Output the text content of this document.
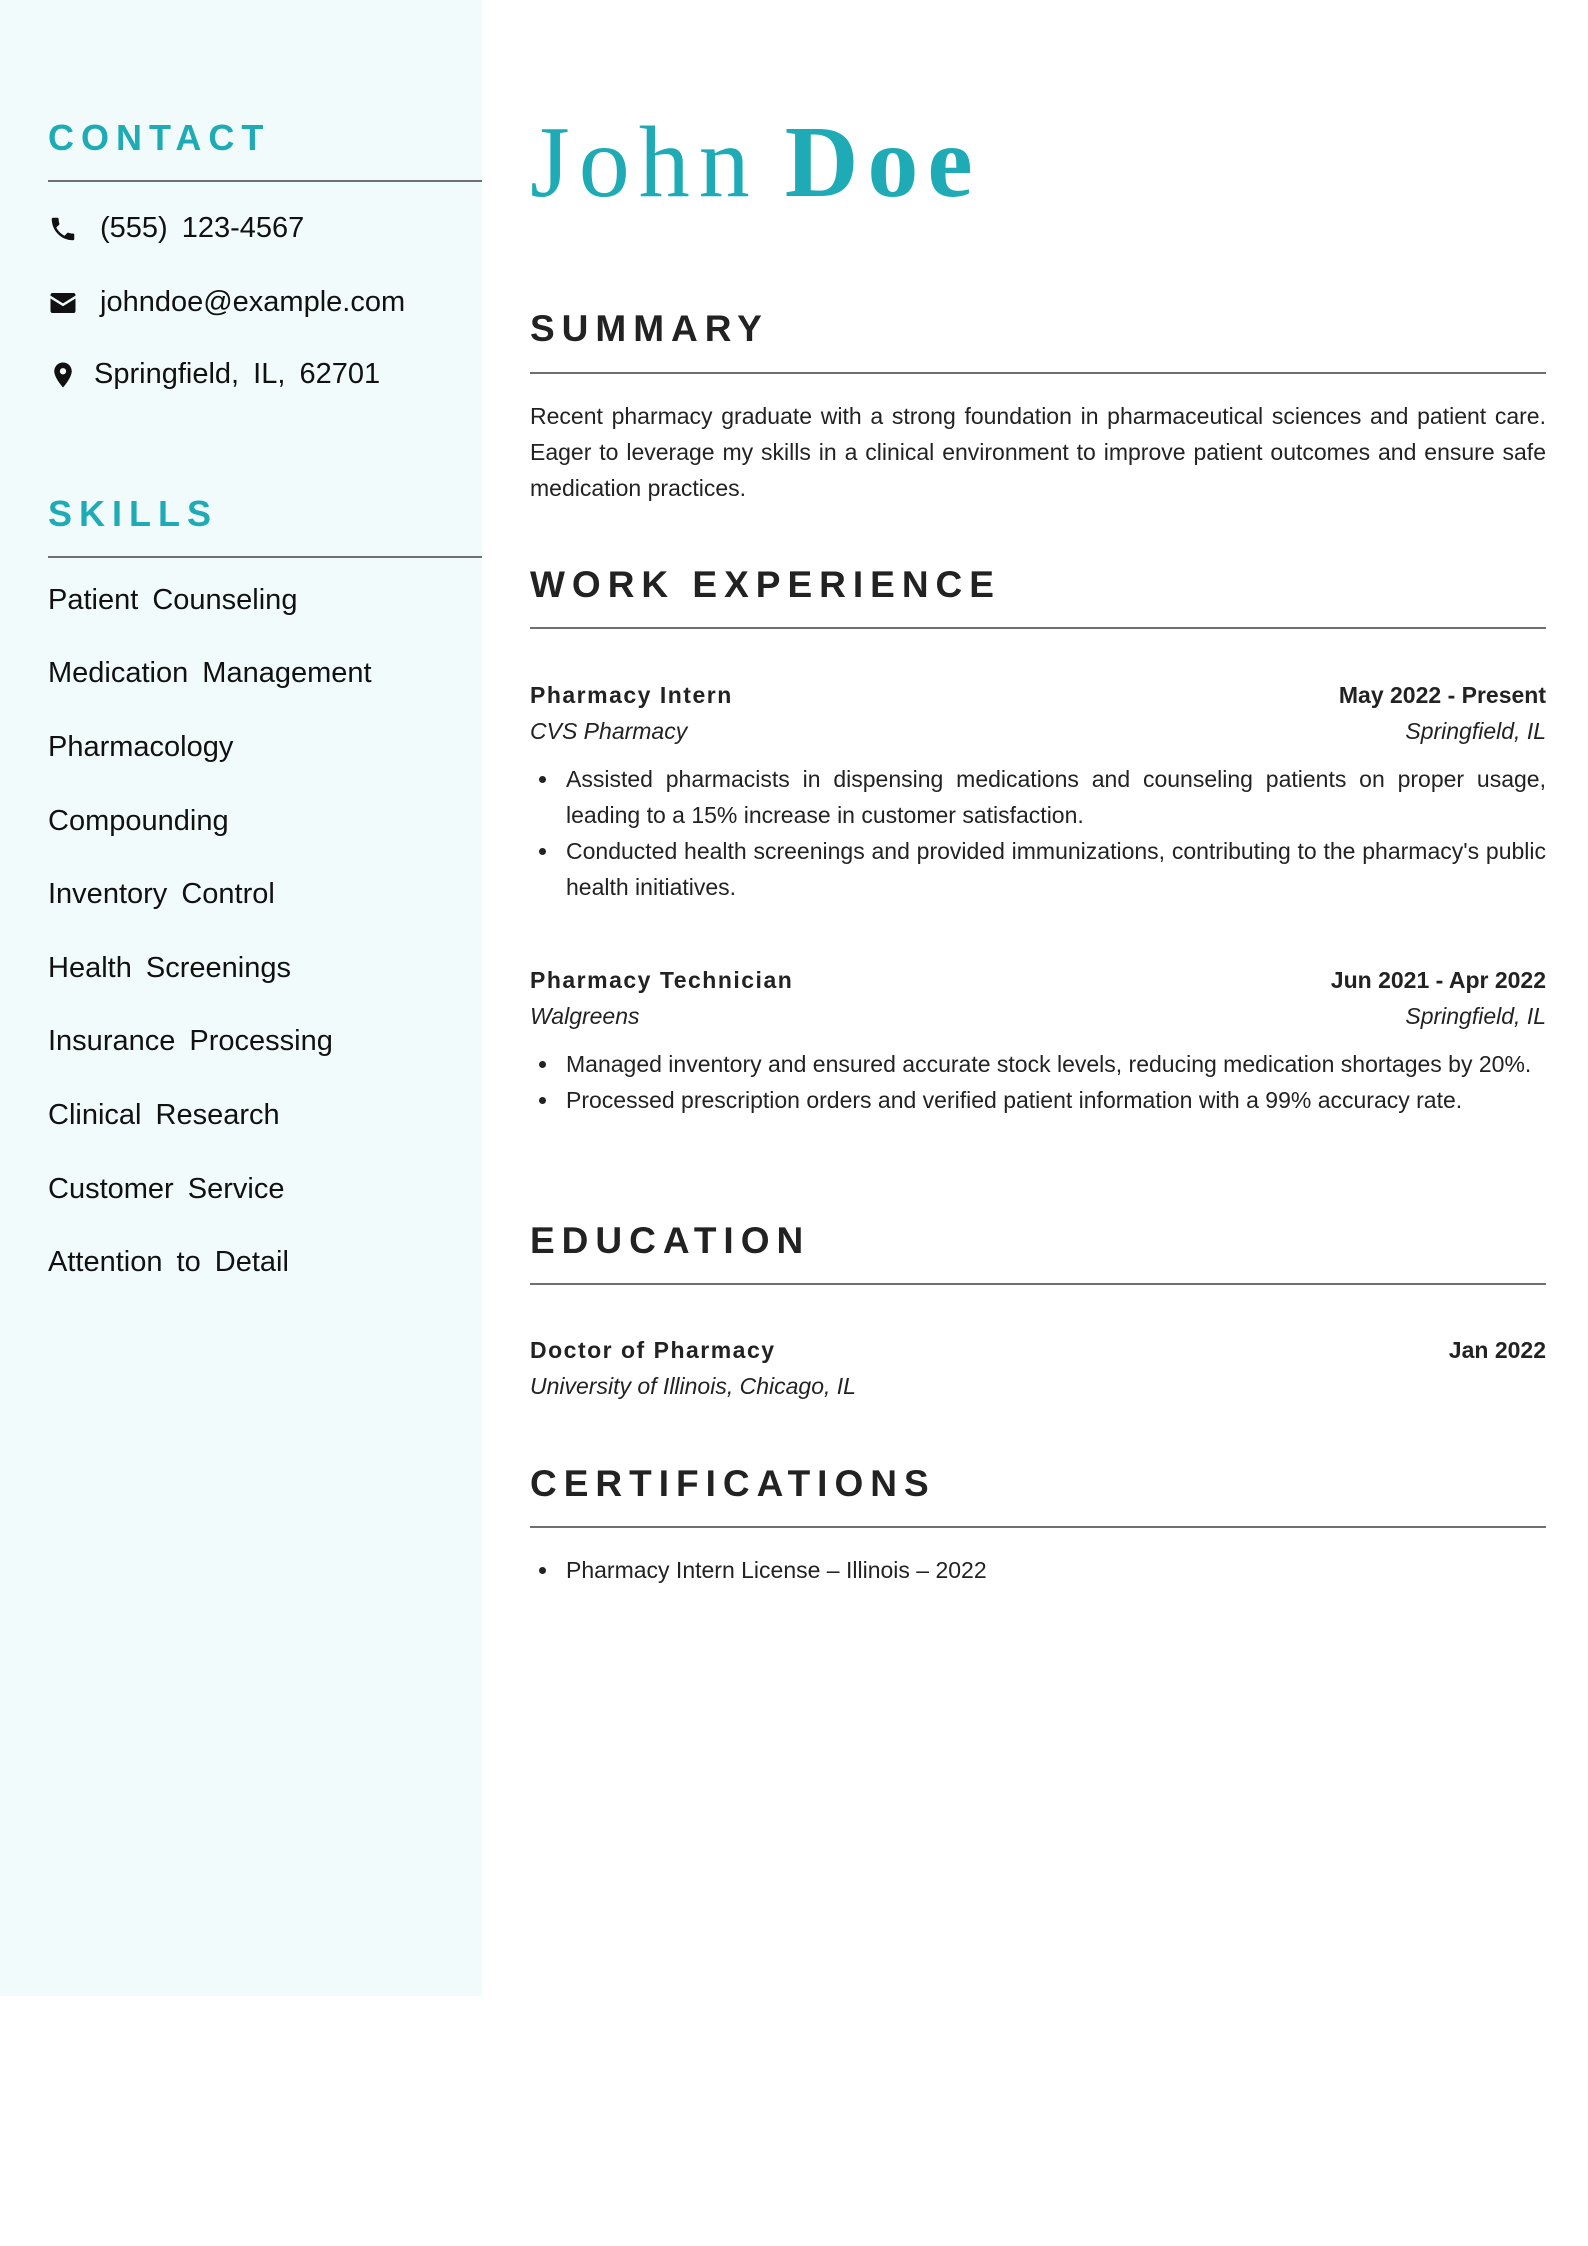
CONTACT
(555) 123-4567
johndoe@example.com
Springfield, IL, 62701
SKILLS
Patient Counseling
Medication Management
Pharmacology
Compounding
Inventory Control
Health Screenings
Insurance Processing
Clinical Research
Customer Service
Attention to Detail
John Doe
SUMMARY

Recent pharmacy graduate with a strong foundation in pharmaceutical sciences and patient care. Eager to leverage my skills in a clinical environment to improve patient outcomes and ensure safe medication practices.

WORK EXPERIENCE
Pharmacy Intern	May 2022 - Present
CVS Pharmacy	Springfield, IL
Assisted pharmacists in dispensing medications and counseling patients on proper usage, leading to a 15% increase in customer satisfaction.
Conducted health screenings and provided immunizations, contributing to the pharmacy's public health initiatives.
Pharmacy Technician	Jun 2021 - Apr 2022
Walgreens	Springfield, IL
Managed inventory and ensured accurate stock levels, reducing medication shortages by 20%.
Processed prescription orders and verified patient information with a 99% accuracy rate.
EDUCATION
Doctor of Pharmacy	Jan 2022
University of Illinois, Chicago, IL
CERTIFICATIONS
Pharmacy Intern License – Illinois – 2022
